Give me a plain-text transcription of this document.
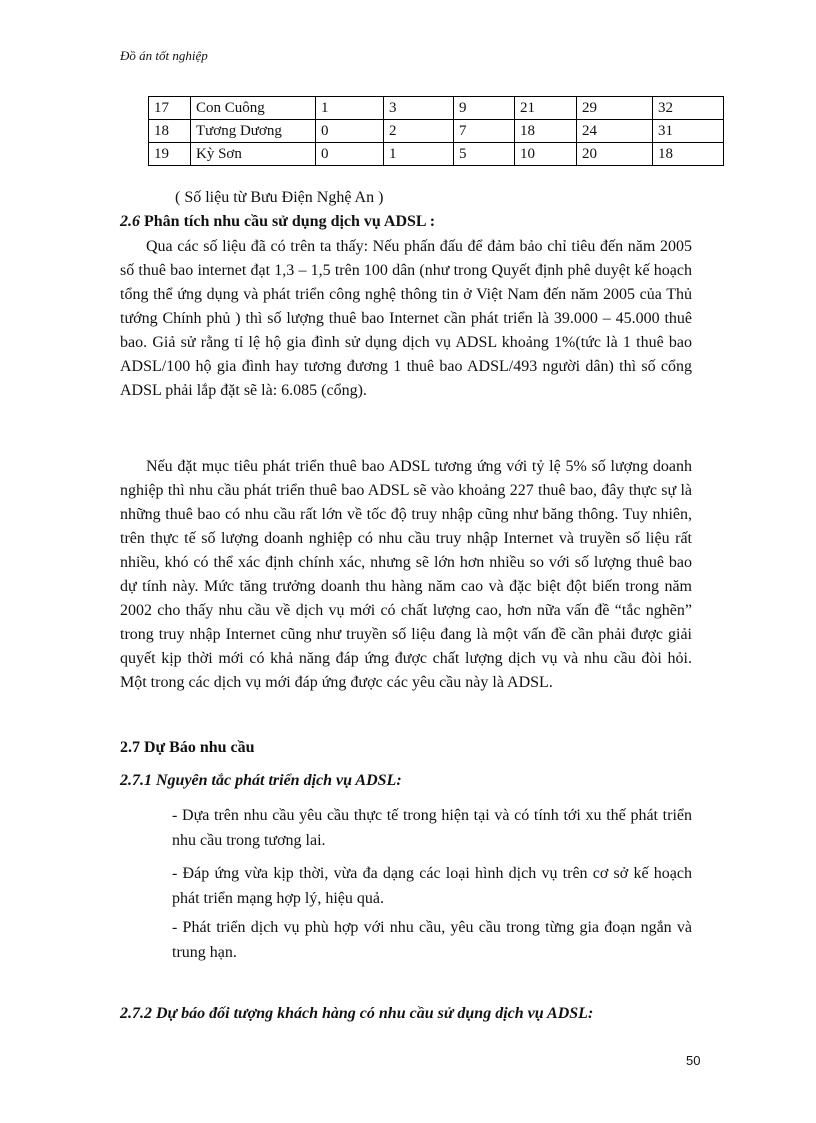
Đồ án tốt nghiệp
17	Con Cuông	1	3	9	21	29	32
18	Tương Dương	0	2	7	18	24	31
19	Kỳ Sơn	0	1	5	10	20	18
( Số liệu từ Bưu Điện Nghệ An )
2.6 Phân tích nhu cầu sử dụng dịch vụ ADSL :
Qua các số liệu đã có trên ta thấy: Nếu phấn đấu để đảm bảo chỉ tiêu đến năm 2005 số thuê bao internet đạt 1,3 – 1,5 trên 100 dân (như trong Quyết định phê duyệt kế hoạch tổng thể ứng dụng và phát triển công nghệ thông tin ở Việt Nam đến năm 2005 của Thủ tướng Chính phủ ) thì số lượng thuê bao Internet cần phát triển là 39.000 – 45.000 thuê bao. Giả sử rằng tỉ lệ hộ gia đình sử dụng dịch vụ ADSL khoảng 1%(tức là 1 thuê bao ADSL/100 hộ gia đình hay tương đương 1 thuê bao ADSL/493 người dân) thì số cổng ADSL phải lắp đặt sẽ là: 6.085 (cổng).
Nếu đặt mục tiêu phát triển thuê bao ADSL tương ứng với tỷ lệ 5% số lượng doanh nghiệp thì nhu cầu phát triển thuê bao ADSL sẽ vào khoảng 227 thuê bao, đây thực sự là những thuê bao có nhu cầu rất lớn về tốc độ truy nhập cũng như băng thông. Tuy nhiên, trên thực tế số lượng doanh nghiệp có nhu cầu truy nhập Internet và truyền số liệu rất nhiều, khó có thể xác định chính xác, nhưng sẽ lớn hơn nhiều so với số lượng thuê bao dự tính này. Mức tăng trưởng doanh thu hàng năm cao và đặc biệt đột biến trong năm 2002 cho thấy nhu cầu về dịch vụ mới có chất lượng cao, hơn nữa vấn đề “tắc nghẽn” trong truy nhập Internet cũng như truyền số liệu đang là một vấn đề cần phải được giải quyết kịp thời mới có khả năng đáp ứng được chất lượng dịch vụ và nhu cầu đòi hỏi. Một trong các dịch vụ mới đáp ứng được các yêu cầu này là ADSL.
2.7 Dự Báo nhu cầu
2.7.1 Nguyên tắc phát triển dịch vụ ADSL:
- Dựa trên nhu cầu yêu cầu thực tế trong hiện tại và có tính tới xu thế phát triển nhu cầu trong tương lai.
- Đáp ứng vừa kịp thời, vừa đa dạng các loại hình dịch vụ trên cơ sở kế hoạch phát triển mạng hợp lý, hiệu quả.
- Phát triển dịch vụ phù hợp với nhu cầu, yêu cầu trong từng gia đoạn ngắn và trung hạn.
2.7.2 Dự báo đối tượng khách hàng có nhu cầu sử dụng dịch vụ ADSL:
50
